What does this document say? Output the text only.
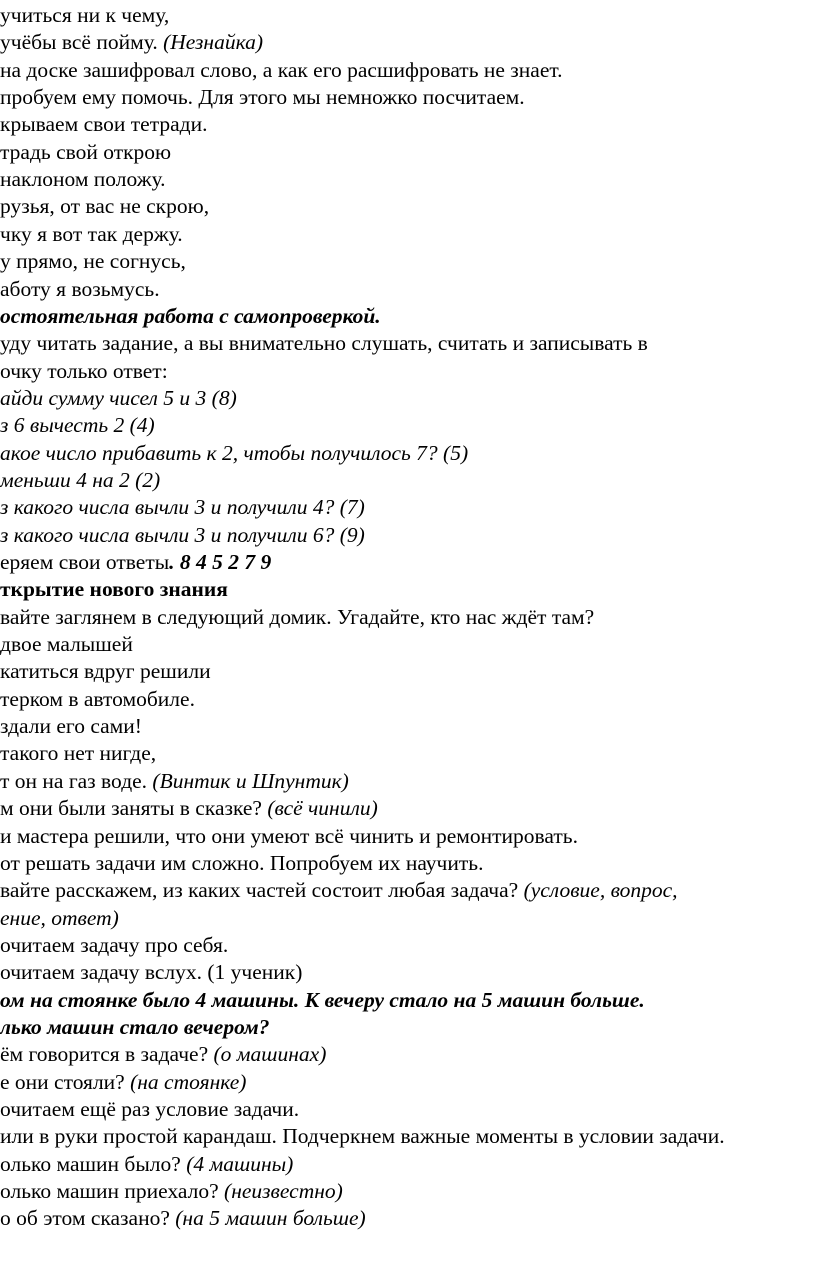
учиться ни к чему,
учёбы всё пойму. (Незнайка)
на доске зашифровал слово, а как его расшифровать не знает.
пробуем ему помочь. Для этого мы немножко посчитаем.
крываем свои тетради.
традь свой открою
наклоном положу.
рузья, от вас не скрою,
чку я вот так держу.
у прямо, не согнусь,
аботу я возьмусь.
остоятельная работа с самопроверкой.
уду читать задание, а вы внимательно слушать, считать и записывать в
очку только ответ:
айди сумму чисел 5 и 3 (8)
з 6 вычесть 2 (4)
акое число прибавить к 2, чтобы получилось 7? (5)
меньши 4 на 2 (2)
з какого числа вычли 3 и получили 4? (7)
з какого числа вычли 3 и получили 6? (9)
еряем свои ответы. 8 4 5 2 7 9
ткрытие нового знания
вайте заглянем в следующий домик. Угадайте, кто нас ждёт там?
двое малышей
катиться вдруг решили
терком в автомобиле.
здали его сами!
такого нет нигде,
т он на газ воде. (Винтик и Шпунтик)
м они были заняты в сказке? (всё чинили)
и мастера решили, что они умеют всё чинить и ремонтировать.
от решать задачи им сложно. Попробуем их научить.
вайте расскажем, из каких частей состоит любая задача? (условие, вопрос,
ение, ответ)
очитаем задачу про себя.
очитаем задачу вслух. (1 ученик)
ом на стоянке было 4 машины. К вечеру стало на 5 машин больше.
лько машин стало вечером?
ём говорится в задаче? (о машинах)
е они стояли? (на стоянке)
очитаем ещё раз условие задачи.
или в руки простой карандаш. Подчеркнем важные моменты в условии задачи.
олько машин было? (4 машины)
олько машин приехало? (неизвестно)
о об этом сказано? (на 5 машин больше)
